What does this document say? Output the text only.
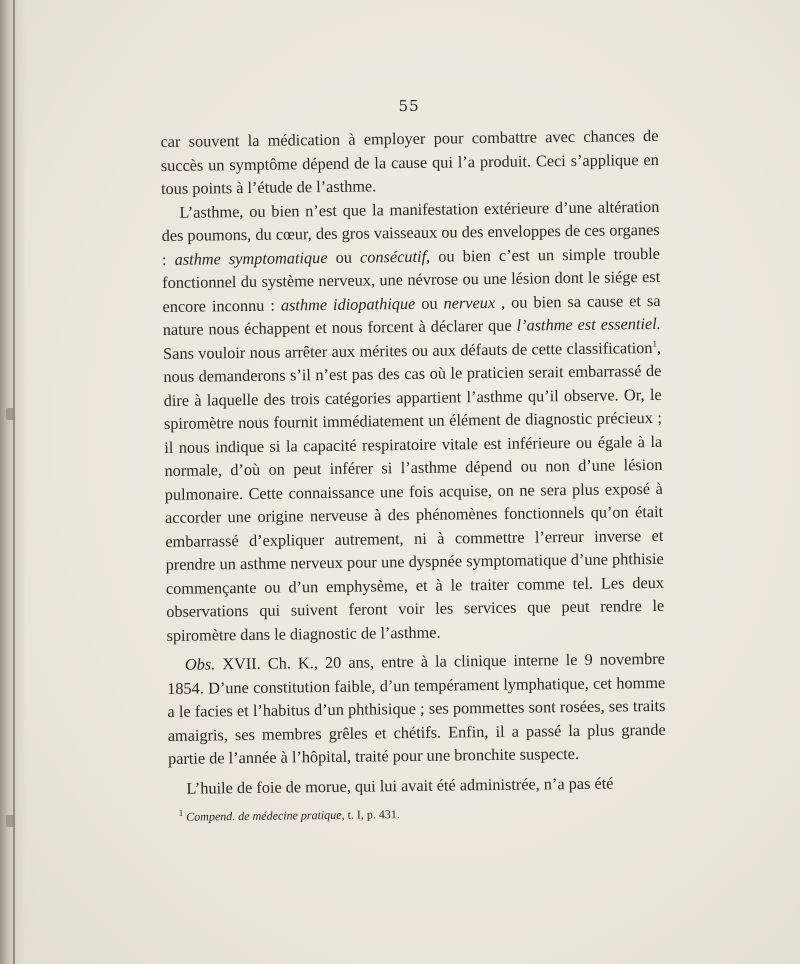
55

car souvent la médication à employer pour combattre avec chances de succès un symptôme dépend de la cause qui l’a produit. Ceci s’applique en tous points à l’étude de l’asthme.

L’asthme, ou bien n’est que la manifestation extérieure d’une altération des poumons, du cœur, des gros vaisseaux ou des enveloppes de ces organes : asthme symptomatique ou consécutif, ou bien c’est un simple trouble fonctionnel du système nerveux, une névrose ou une lésion dont le siége est encore inconnu : asthme idiopathique ou nerveux , ou bien sa cause et sa nature nous échappent et nous forcent à déclarer que l’asthme est essentiel. Sans vouloir nous arrêter aux mérites ou aux défauts de cette classification$^1$, nous demanderons s’il n’est pas des cas où le praticien serait embarrassé de dire à laquelle des trois catégories appartient l’asthme qu’il observe. Or, le spiromètre nous fournit immédiatement un élément de diagnostic précieux ; il nous indique si la capacité respiratoire vitale est inférieure ou égale à la normale, d’où on peut inférer si l’asthme dépend ou non d’une lésion pulmonaire. Cette connaissance une fois acquise, on ne sera plus exposé à accorder une origine nerveuse à des phénomènes fonctionnels qu’on était embarrassé d’expliquer autrement, ni à commettre l’erreur inverse et prendre un asthme nerveux pour une dyspnée symptomatique d’une phthisie commençante ou d’un emphysème, et à le traiter comme tel. Les deux observations qui suivent feront voir les services que peut rendre le spiromètre dans le diagnostic de l’asthme.

Obs. XVII. Ch. K., 20 ans, entre à la clinique interne le 9 novembre 1854. D’une constitution faible, d’un tempérament lymphatique, cet homme a le facies et l’habitus d’un phthisique ; ses pommettes sont rosées, ses traits amaigris, ses membres grêles et chétifs. Enfin, il a passé la plus grande partie de l’année à l’hôpital, traité pour une bronchite suspecte.

L’huile de foie de morue, qui lui avait été administrée, n’a pas été

$^1$ Compend. de médecine pratique, t. I, p. 431.
